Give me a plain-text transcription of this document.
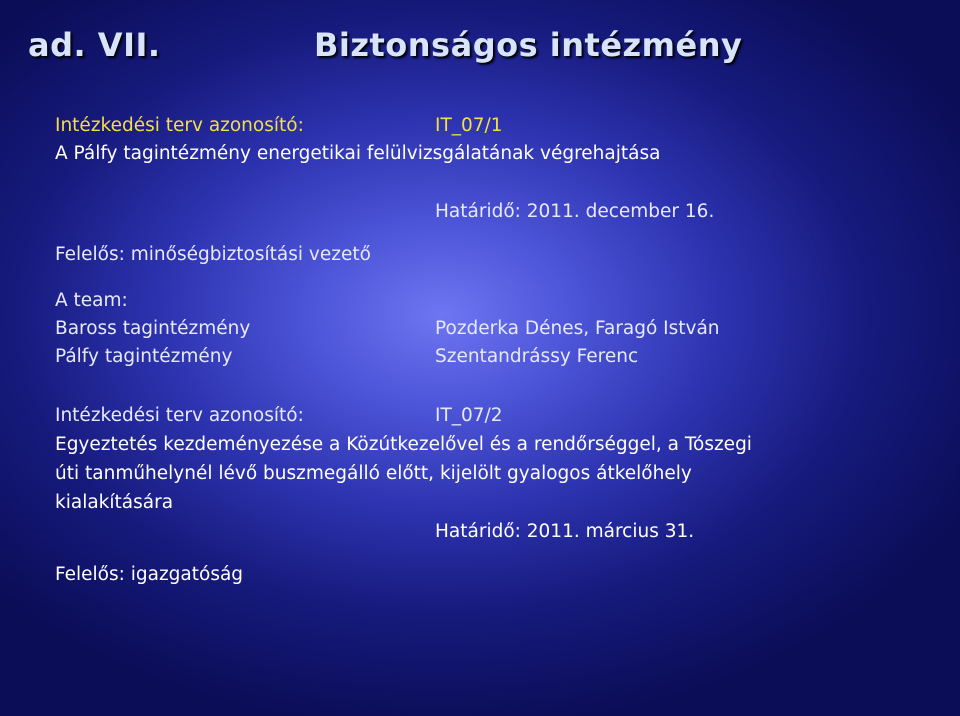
ad. VII.	Biztonságos intézmény
Intézkedési terv azonosító:	IT_07/1
A Pálfy tagintézmény energetikai felülvizsgálatának végrehajtása
Határidő: 2011. december 16.
Felelős: minőségbiztosítási vezető
A team:
Baross tagintézmény	Pozderka Dénes, Faragó István
Pálfy tagintézmény	Szentandrássy Ferenc
Intézkedési terv azonosító:	IT_07/2
Egyeztetés kezdeményezése a Közútkezelővel és a rendőrséggel, a Tószegi
úti tanműhelynél lévő buszmegálló előtt, kijelölt gyalogos átkelőhely
kialakítására
Határidő: 2011. március 31.
Felelős: igazgatóság
